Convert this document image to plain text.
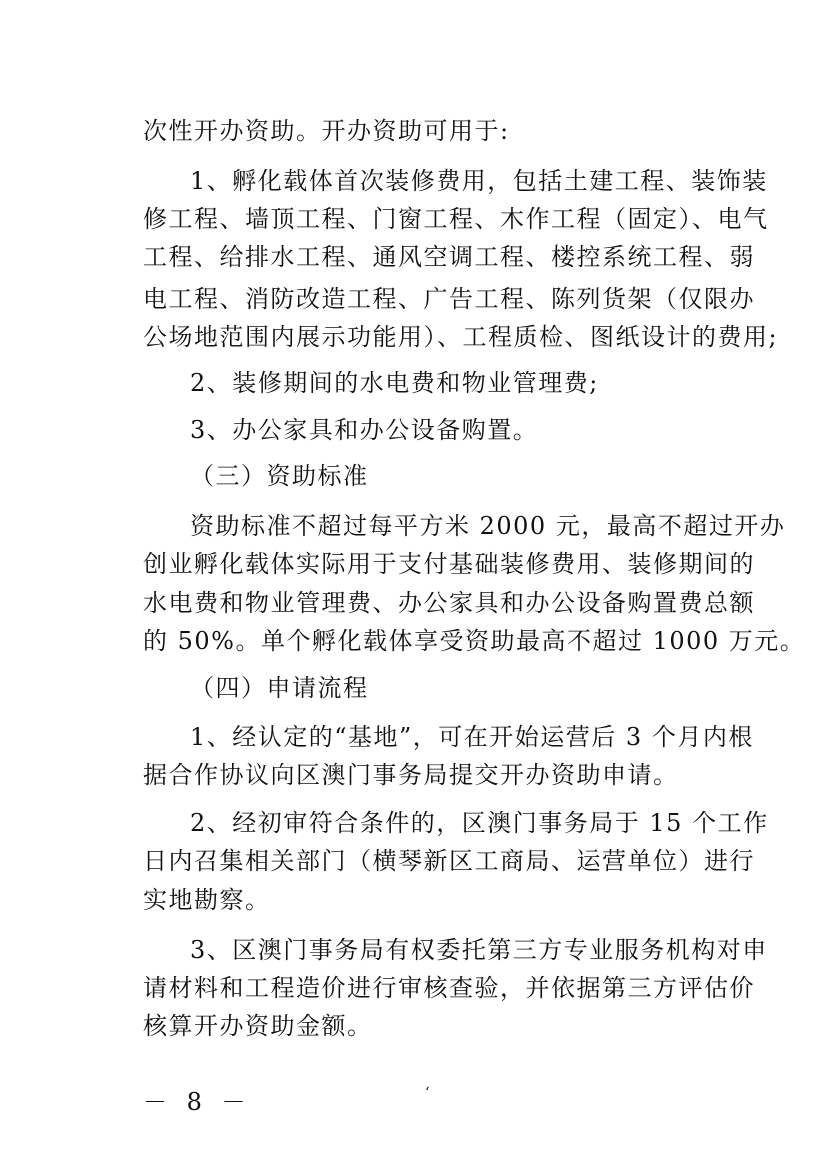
次性开办资助。开办资助可用于:
1、孵化载体首次装修费用，包括土建工程、装饰装
修工程、墙顶工程、门窗工程、木作工程（固定）、电气
工程、给排水工程、通风空调工程、楼控系统工程、弱
电工程、消防改造工程、广告工程、陈列货架（仅限办
公场地范围内展示功能用）、工程质检、图纸设计的费用;
2、装修期间的水电费和物业管理费;
3、办公家具和办公设备购置。
（三）资助标准
资助标准不超过每平方米 2000 元，最高不超过开办
创业孵化载体实际用于支付基础装修费用、装修期间的
水电费和物业管理费、办公家具和办公设备购置费总额
的 50%。单个孵化载体享受资助最高不超过 1000 万元。
（四）申请流程
1、经认定的“基地”，可在开始运营后 3 个月内根
据合作协议向区澳门事务局提交开办资助申请。
2、经初审符合条件的，区澳门事务局于 15 个工作
日内召集相关部门（横琴新区工商局、运营单位）进行
实地勘察。
3、区澳门事务局有权委托第三方专业服务机构对申
请材料和工程造价进行审核查验，并依据第三方评估价
核算开办资助金额。
－ 8 －	‘
